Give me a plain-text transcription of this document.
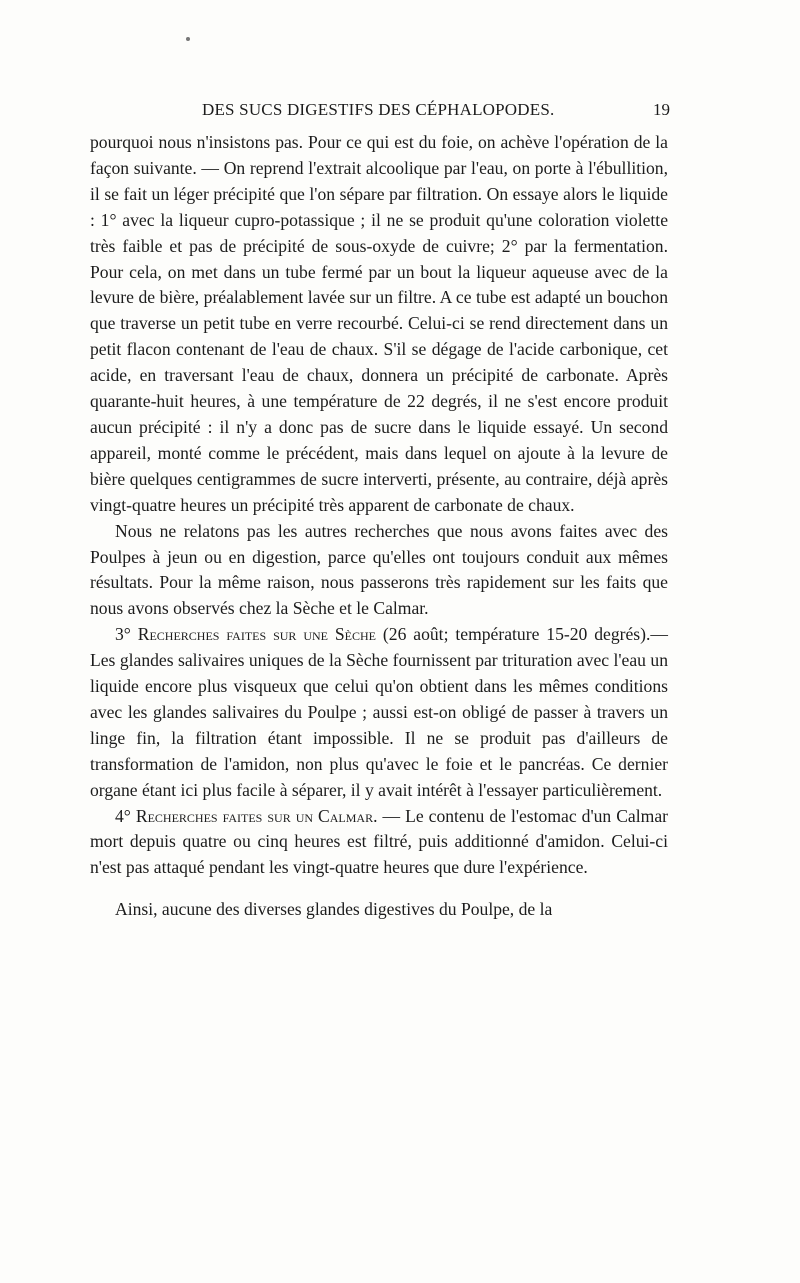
DES SUCS DIGESTIFS DES CÉPHALOPODES.	19

pourquoi nous n'insistons pas. Pour ce qui est du foie, on achève l'opération de la façon suivante. — On reprend l'extrait alcoolique par l'eau, on porte à l'ébullition, il se fait un léger précipité que l'on sépare par filtration. On essaye alors le liquide : 1° avec la liqueur cupro-potassique ; il ne se produit qu'une coloration violette très faible et pas de précipité de sous-oxyde de cuivre; 2° par la fermentation. Pour cela, on met dans un tube fermé par un bout la liqueur aqueuse avec de la levure de bière, préalablement lavée sur un filtre. A ce tube est adapté un bouchon que traverse un petit tube en verre recourbé. Celui-ci se rend directement dans un petit flacon contenant de l'eau de chaux. S'il se dégage de l'acide carbonique, cet acide, en traversant l'eau de chaux, donnera un précipité de carbonate. Après quarante-huit heures, à une température de 22 degrés, il ne s'est encore produit aucun précipité : il n'y a donc pas de sucre dans le liquide essayé. Un second appareil, monté comme le précédent, mais dans lequel on ajoute à la levure de bière quelques centigrammes de sucre interverti, présente, au contraire, déjà après vingt-quatre heures un précipité très apparent de carbonate de chaux.

Nous ne relatons pas les autres recherches que nous avons faites avec des Poulpes à jeun ou en digestion, parce qu'elles ont toujours conduit aux mêmes résultats. Pour la même raison, nous passerons très rapidement sur les faits que nous avons observés chez la Sèche et le Calmar.

3° Recherches faites sur une Sèche (26 août; température 15-20 degrés).— Les glandes salivaires uniques de la Sèche fournissent par trituration avec l'eau un liquide encore plus visqueux que celui qu'on obtient dans les mêmes conditions avec les glandes salivaires du Poulpe ; aussi est-on obligé de passer à travers un linge fin, la filtration étant impossible. Il ne se produit pas d'ailleurs de transformation de l'amidon, non plus qu'avec le foie et le pancréas. Ce dernier organe étant ici plus facile à séparer, il y avait intérêt à l'essayer particulièrement.

4° Recherches faites sur un Calmar. — Le contenu de l'estomac d'un Calmar mort depuis quatre ou cinq heures est filtré, puis additionné d'amidon. Celui-ci n'est pas attaqué pendant les vingt-quatre heures que dure l'expérience.

Ainsi, aucune des diverses glandes digestives du Poulpe, de la
